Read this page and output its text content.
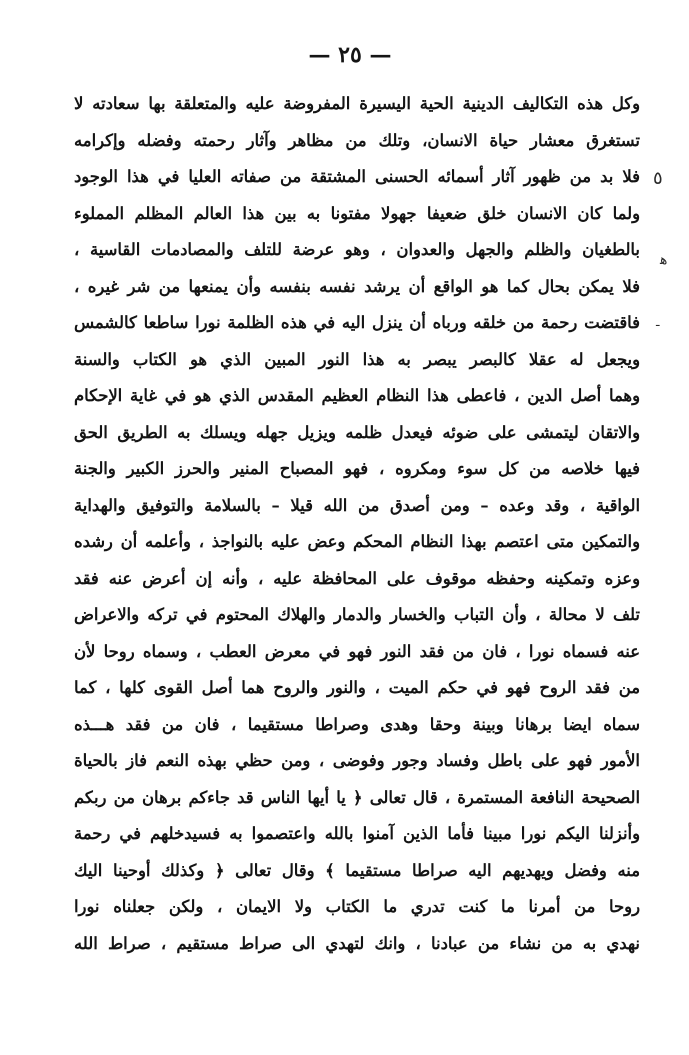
— ٢٥ —
وكل هذه التكاليف الدينية الحية اليسيرة المفروضة عليه والمتعلقة بها سعادته لا
تستغرق معشار حياة الانسان، وتلك من مظاهر وآثار رحمته وفضله وإكرامه
فلا بد من ظهور آثار أسمائه الحسنى المشتقة من صفاته العليا في هذا الوجود
ولما كان الانسان خلق ضعيفا جهولا مفتونا به بين هذا العالم المظلم المملوء
بالطغيان والظلم والجهل والعدوان ، وهو عرضة للتلف والمصادمات القاسية ،
فلا يمكن بحال كما هو الواقع أن يرشد نفسه بنفسه وأن يمنعها من شر غيره ،
فاقتضت رحمة من خلقه ورباه أن ينزل اليه في هذه الظلمة نورا ساطعا كالشمس
ويجعل له عقلا كالبصر يبصر به هذا النور المبين الذي هو الكتاب والسنة
وهما أصل الدين ، فاعطى هذا النظام العظيم المقدس الذي هو في غاية الإحكام
والاتقان ليتمشى على ضوئه فيعدل ظلمه ويزيل جهله ويسلك به الطريق الحق
فيها خلاصه من كل سوء ومكروه ، فهو المصباح المنير والحرز الكبير والجنة
الواقية ، وقد وعده – ومن أصدق من الله قيلا – بالسلامة والتوفيق والهداية
والتمكين متى اعتصم بهذا النظام المحكم وعض عليه بالنواجذ ، وأعلمه أن رشده
وعزه وتمكينه وحفظه موقوف على المحافظة عليه ، وأنه إن أعرض عنه فقد
تلف لا محالة ، وأن التباب والخسار والدمار والهلاك المحتوم في تركه والاعراض
عنه فسماه نورا ، فان من فقد النور فهو في معرض العطب ، وسماه روحا لأن
من فقد الروح فهو في حكم الميت ، والنور والروح هما أصل القوى كلها ، كما
سماه ايضا برهانا وبينة وحقا وهدى وصراطا مستقيما ، فان من فقد هـــذه
الأمور فهو على باطل وفساد وجور وفوضى ، ومن حظي بهذه النعم فاز بالحياة
الصحيحة النافعة المستمرة ، قال تعالى ﴿ يا أيها الناس قد جاءكم برهان من ربكم
وأنزلنا اليكم نورا مبينا فأما الذين آمنوا بالله واعتصموا به فسيدخلهم في رحمة
منه وفضل ويهديهم اليه صراطا مستقيما ﴾ وقال تعالى ﴿ وكذلك أوحينا اليك
روحا من أمرنا ما كنت تدري ما الكتاب ولا الايمان ، ولكن جعلناه نورا
نهدي به من نشاء من عبادنا ، وانك لتهدي الى صراط مستقيم ، صراط الله
٥
ﻫ
ـ
